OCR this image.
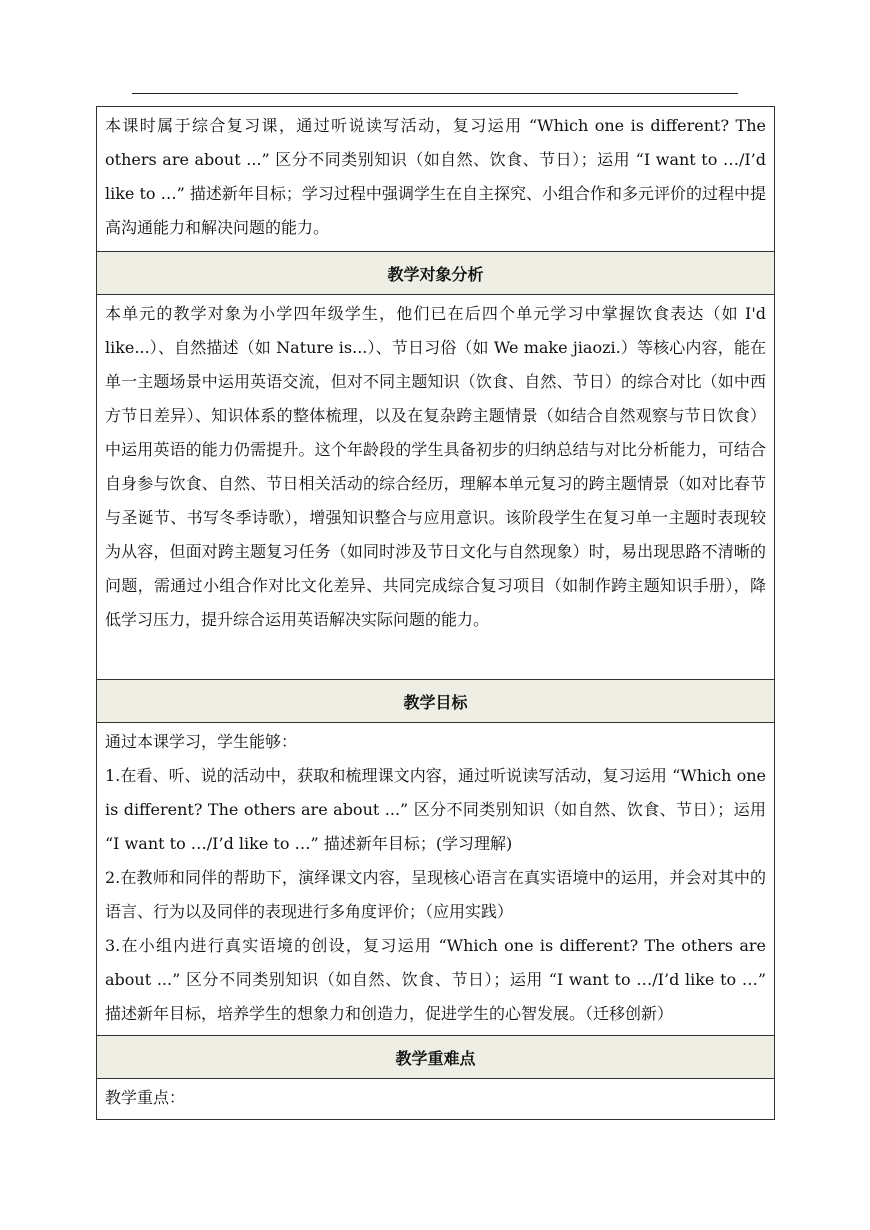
本课时属于综合复习课，通过听说读写活动，复习运用 “Which one is different? The others are about ...” 区分不同类别知识（如自然、饮食、节日）；运用 “I want to …/I’d like to …” 描述新年目标；学习过程中强调学生在自主探究、小组合作和多元评价的过程中提高沟通能力和解决问题的能力。

教学对象分析

本单元的教学对象为小学四年级学生，他们已在后四个单元学习中掌握饮食表达（如 I'd like...）、自然描述（如 Nature is...）、节日习俗（如 We make jiaozi.）等核心内容，能在单一主题场景中运用英语交流，但对不同主题知识（饮食、自然、节日）的综合对比（如中西方节日差异）、知识体系的整体梳理，以及在复杂跨主题情景（如结合自然观察与节日饮食）中运用英语的能力仍需提升。这个年龄段的学生具备初步的归纳总结与对比分析能力，可结合自身参与饮食、自然、节日相关活动的综合经历，理解本单元复习的跨主题情景（如对比春节与圣诞节、书写冬季诗歌），增强知识整合与应用意识。该阶段学生在复习单一主题时表现较为从容，但面对跨主题复习任务（如同时涉及节日文化与自然现象）时，易出现思路不清晰的问题，需通过小组合作对比文化差异、共同完成综合复习项目（如制作跨主题知识手册），降低学习压力，提升综合运用英语解决实际问题的能力。

教学目标

通过本课学习，学生能够：

1.在看、听、说的活动中，获取和梳理课文内容，通过听说读写活动，复习运用 “Which one is different? The others are about ...” 区分不同类别知识（如自然、饮食、节日）；运用 “I want to …/I’d like to …” 描述新年目标；(学习理解)

2.在教师和同伴的帮助下，演绎课文内容，呈现核心语言在真实语境中的运用，并会对其中的语言、行为以及同伴的表现进行多角度评价；（应用实践）

3.在小组内进行真实语境的创设，复习运用 “Which one is different? The others are about ...” 区分不同类别知识（如自然、饮食、节日）；运用 “I want to …/I’d like to …” 描述新年目标，培养学生的想象力和创造力，促进学生的心智发展。（迁移创新）

教学重难点

教学重点：
